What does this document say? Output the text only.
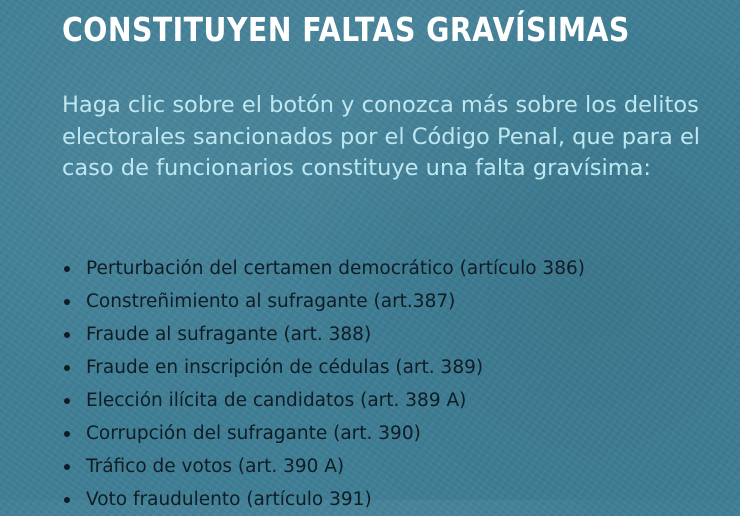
CONSTITUYEN FALTAS GRAVÍSIMAS

Haga clic sobre el botón y conozca más sobre los delitos electorales sancionados por el Código Penal, que para el caso de funcionarios constituye una falta gravísima:

Perturbación del certamen democrático (artículo 386)
Constreñimiento al sufragante (art.387)
Fraude al sufragante (art. 388)
Fraude en inscripción de cédulas (art. 389)
Elección ilícita de candidatos (art. 389 A)
Corrupción del sufragante (art. 390)
Tráfico de votos (art. 390 A)
Voto fraudulento (artículo 391)
